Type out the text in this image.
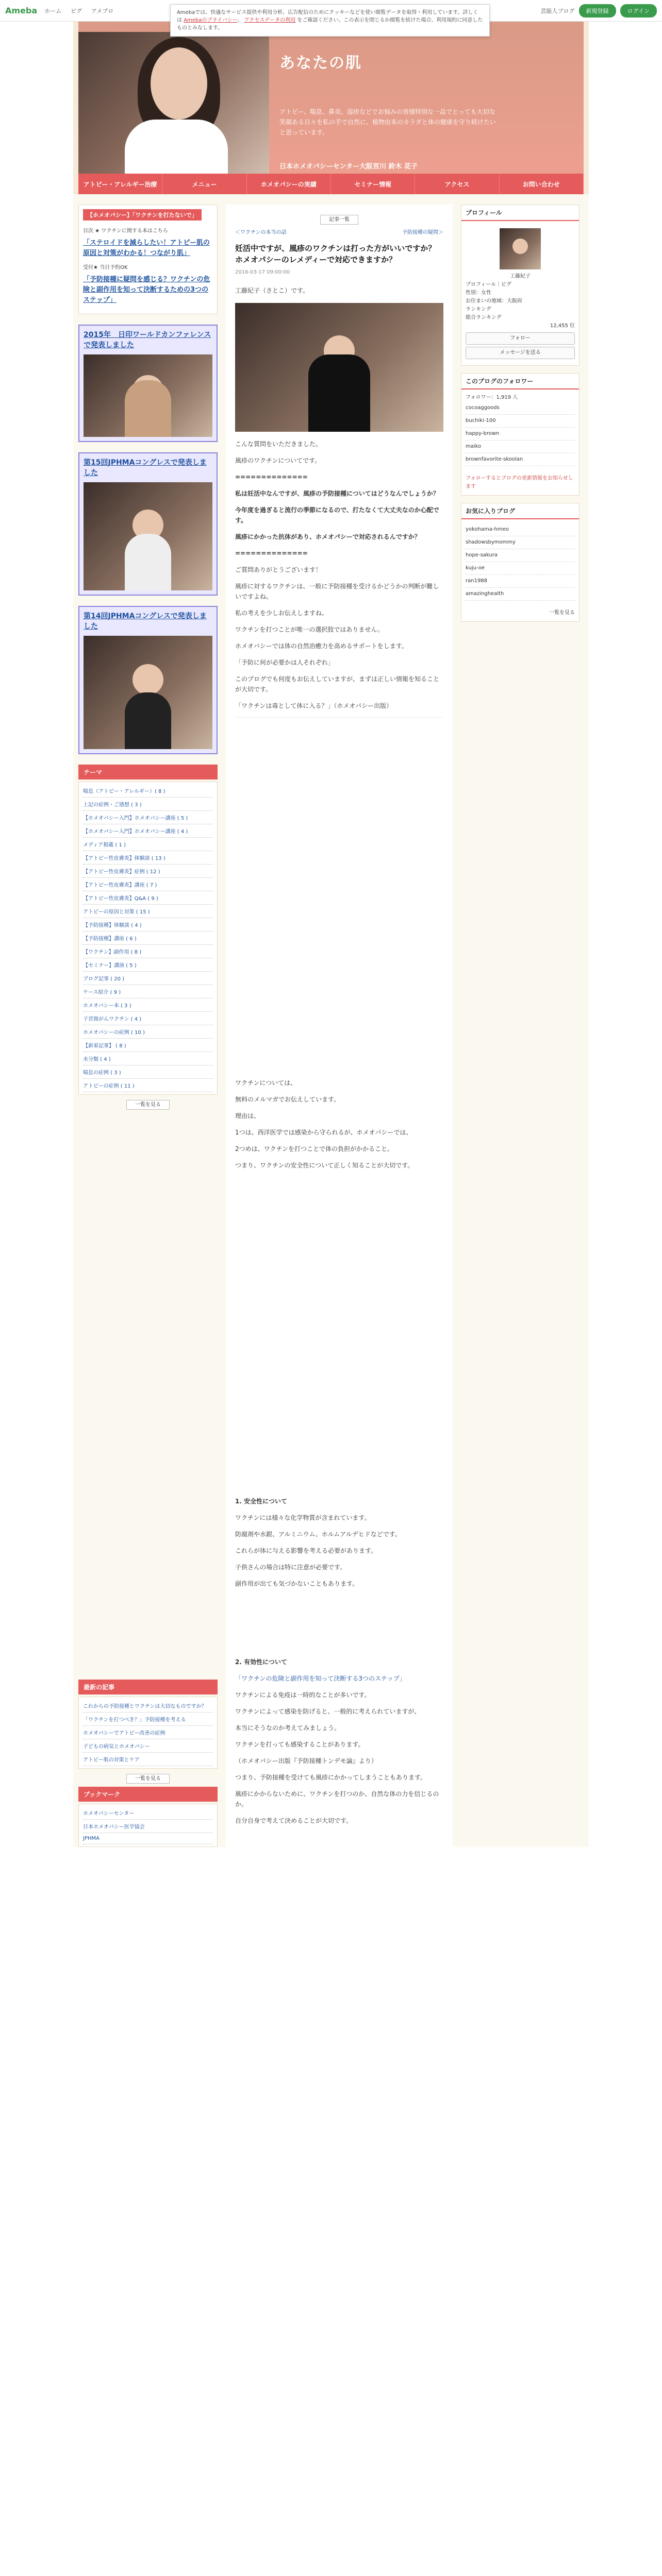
Ameba ホーム ピグ アメブロ	芸能人ブログ	新規登録	ログイン
Amebaでは、快適なサービス提供や利用分析、広告配信のためにクッキーなどを使い閲覧データを取得・利用しています。詳しくは Amebaのプライバシー、 アクセスデータの利用 をご確認ください。この表示を閉じるか閲覧を続けた場合、利用規約に同意したものとみなします。
あなたの肌
アトピー、喘息、鼻炎、湿疹などでお悩みの皆様特別な一品でとっても大切な笑顔ある日々を私の手で自然に、植物由来のカラダと体の健康を守り続けたいと思っています。
日本ホメオパシーセンター大阪宮川 鈴木 花子
アトピー・アレルギー治療	メニュー	ホメオパシーの実績	セミナー情報	アクセス	お問い合わせ
【ホメオパシー】「ワクチンを打たないで」
目次 ★ ワクチンに関する本はこちら
「ステロイドを減らしたい！アトピー肌の原因と対策がわかる！つながり肌」
受付★ 当日予約OK
「予防接種に疑問を感じる？ワクチンの危険と副作用を知って決断するための3つのステップ」
2015年　日印ワールドカンファレンスで発表しました
第15回JPHMAコングレスで発表しました
第14回JPHMAコングレスで発表しました
テーマ
喘息（アトピー・アレルギー）( 8 )
上記の症例・ご感想 ( 3 )
【ホメオパシー入門】ホメオパシー講座 ( 5 )
【ホメオパシー入門】ホメオパシー講座 ( 4 )
メディア掲載 ( 1 )
【アトピー性皮膚炎】体験談 ( 13 )
【アトピー性皮膚炎】症例 ( 12 )
【アトピー性皮膚炎】講座 ( 7 )
【アトピー性皮膚炎】Q&A ( 9 )
アトピーの原因と対策 ( 15 )
【予防接種】体験談 ( 4 )
【予防接種】講座 ( 6 )
【ワクチン】副作用 ( 8 )
【セミナー】講演 ( 5 )
ブログ記事 ( 20 )
ケース紹介 ( 9 )
ホメオパシー本 ( 3 )
子宮頸がんワクチン ( 4 )
ホメオパシーの症例 ( 10 )
【新着記事】 ( 8 )
未分類 ( 4 )
喘息の症例 ( 3 )
アトピーの症例 ( 11 )
一覧を見る
最新の記事
これからの予防接種とワクチンは大切なものですか？
「ワクチンを打つべき？」予防接種を考える
ホメオパシーでアトピー改善の症例
子どもの病気とホメオパシー
アトピー肌の対策とケア
一覧を見る
ブックマーク
ホメオパシーセンター
日本ホメオパシー医学協会
JPHMA
記事一覧
＜ワクチンの本当の話	予防接種の疑問＞
妊活中ですが、風疹のワクチンは打った方がいいですか？ホメオパシーのレメディーで対応できますか？
2016-03-17 09:00:00

工藤紀子（さとこ）です。

こんな質問をいただきました。

風疹のワクチンについてです。

==============

私は妊活中なんですが、風疹の予防接種についてはどうなんでしょうか？

今年度を過ぎると流行の季節になるので、打たなくて大丈夫なのか心配です。

風疹にかかった抗体があり、ホメオパシーで対応されるんですか？

==============

ご質問ありがとうございます！

風疹に対するワクチンは、一般に予防接種を受けるかどうかの判断が難しいですよね。

私の考えを少しお伝えしますね。

ワクチンを打つことが唯一の選択肢ではありません。

ホメオパシーでは体の自然治癒力を高めるサポートをします。

「予防に何が必要かは人それぞれ」

このブログでも何度もお伝えしていますが、まずは正しい情報を知ることが大切です。

「ワクチンは毒として体に入る？」（ホメオパシー出版）

ワクチンについては、

無料のメルマガでお伝えしています。

理由は、

1つは、西洋医学では感染から守られるが、ホメオパシーでは、

2つめは、ワクチンを打つことで体の負担がかかること。

つまり、ワクチンの安全性について正しく知ることが大切です。

1. 安全性について

ワクチンには様々な化学物質が含まれています。

防腐剤や水銀、アルミニウム、ホルムアルデヒドなどです。

これらが体に与える影響を考える必要があります。

子供さんの場合は特に注意が必要です。

副作用が出ても気づかないこともあります。

2. 有効性について

「ワクチンの危険と副作用を知って決断する3つのステップ」

ワクチンによる免疫は一時的なことが多いです。

ワクチンによって感染を防げると、一般的に考えられていますが、

本当にそうなのか考えてみましょう。

ワクチンを打っても感染することがあります。

（ホメオパシー出版『予防接種トンデモ論』より）

つまり、予防接種を受けても風疹にかかってしまうこともあります。

風疹にかからないために、ワクチンを打つのか、自然な体の力を信じるのか。

自分自身で考えて決めることが大切です。

プロフィール
工藤紀子
プロフィール｜ピグ
性別：女性
お住まいの地域：大阪府
ランキング
総合ランキング
12,455 位
フォロー
メッセージを送る
このブログのフォロワー
フォロワー：1,919 人
cocoaggoods
buchiki-100
happy-brown
maiko
brownfavorite-skoolan
フォローするとブログの更新情報をお知らせします
お気に入りブログ
yokohama-hmeo
shadowsbymommy
hope-sakura
kuju-oe
ran1988
amazinghealth
一覧を見る
